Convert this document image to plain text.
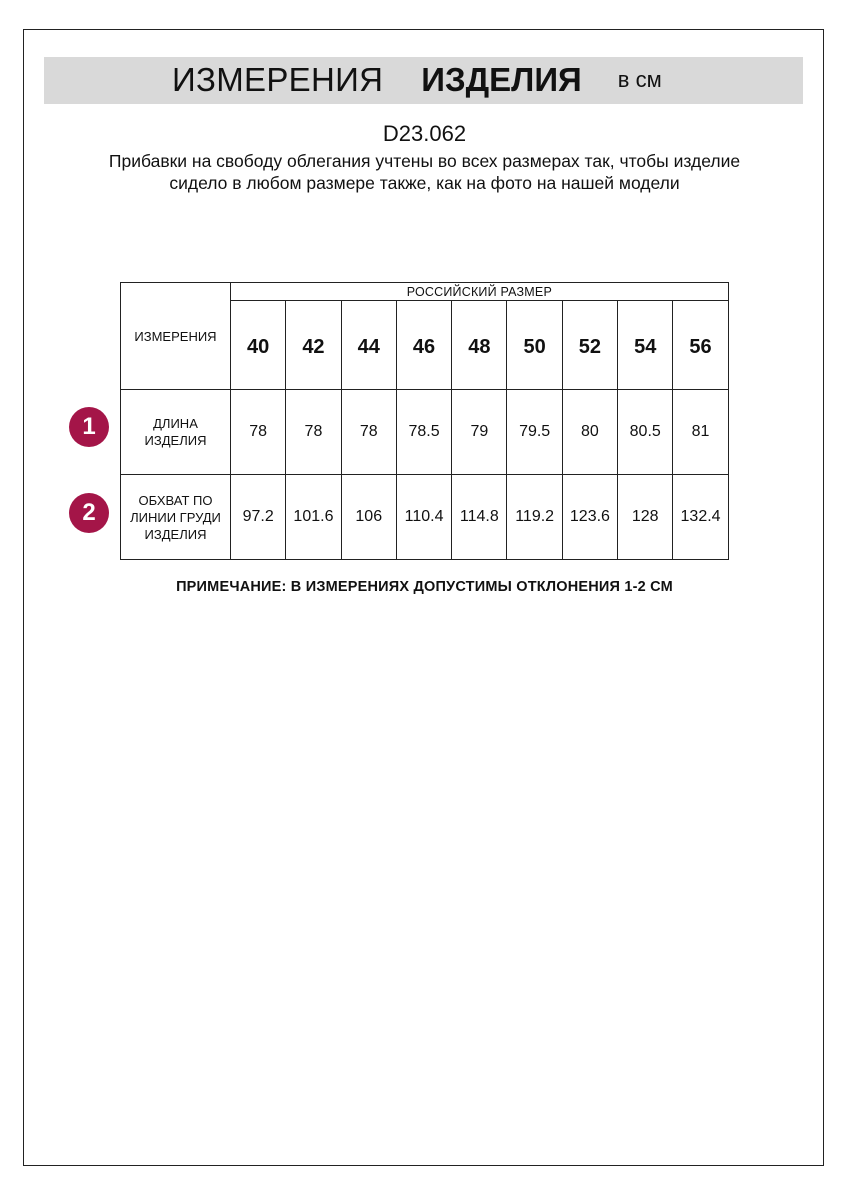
ИЗМЕРЕНИЯ ИЗДЕЛИЯ в см
D23.062
Прибавки на свободу облегания учтены во всех размерах так, чтобы изделие сидело в любом размере также, как на фото на нашей модели
1
2
ИЗМЕРЕНИЯ	РОССИЙСКИЙ РАЗМЕР								
	40	42	44	46	48	50	52	54	56
ДЛИНА ИЗДЕЛИЯ	78	78	78	78.5	79	79.5	80	80.5	81
ОБХВАТ ПО ЛИНИИ ГРУДИ ИЗДЕЛИЯ	97.2	101.6	106	110.4	114.8	119.2	123.6	128	132.4
ПРИМЕЧАНИЕ: В ИЗМЕРЕНИЯХ ДОПУСТИМЫ ОТКЛОНЕНИЯ 1-2 СМ
